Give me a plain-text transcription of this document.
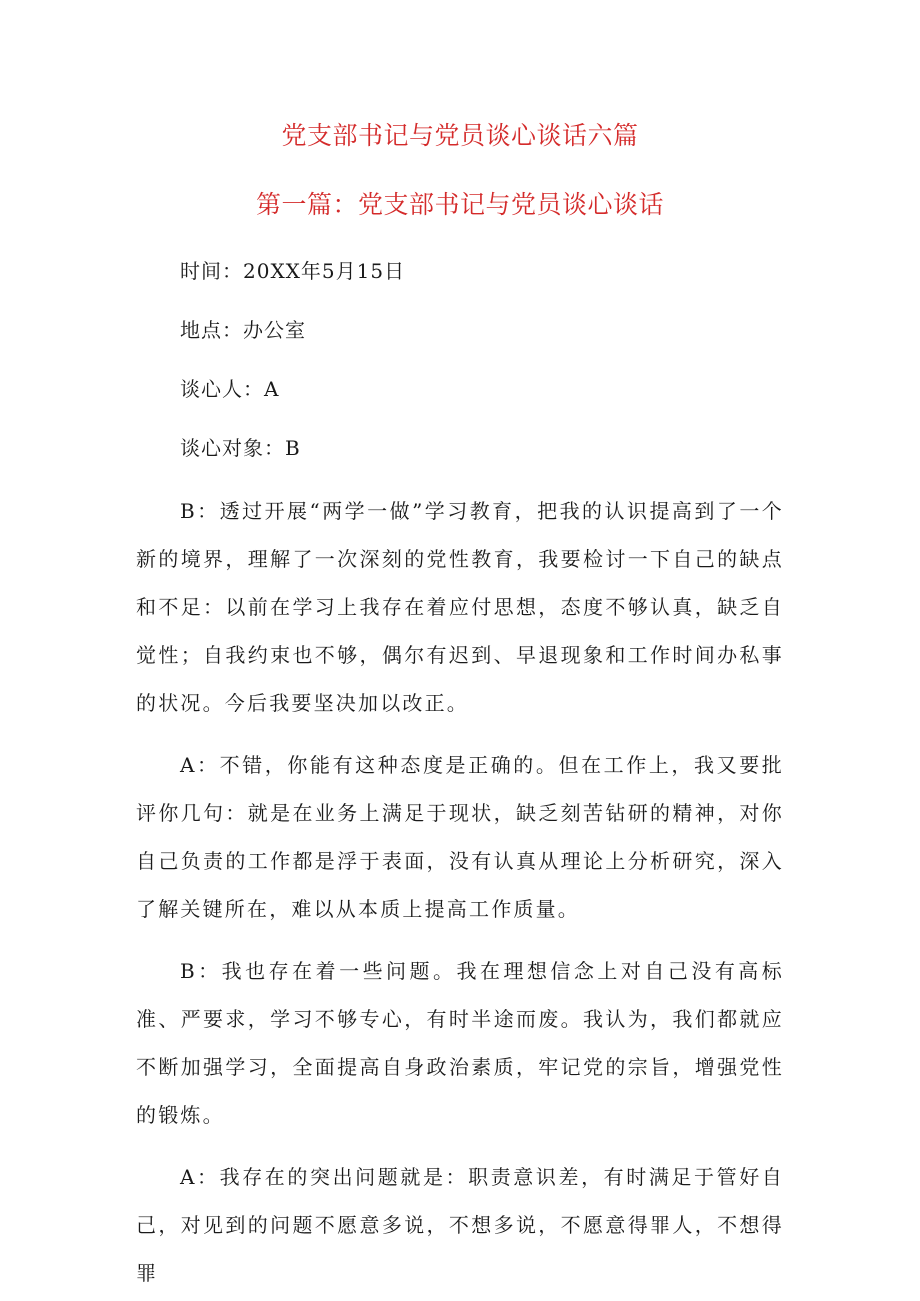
党支部书记与党员谈心谈话六篇
第一篇：党支部书记与党员谈心谈话

时间：20XX年5月15日

地点：办公室

谈心人：A

谈心对象：B

B：透过开展“两学一做”学习教育，把我的认识提高到了一个新的境界，理解了一次深刻的党性教育，我要检讨一下自己的缺点和不足：以前在学习上我存在着应付思想，态度不够认真，缺乏自觉性；自我约束也不够，偶尔有迟到、早退现象和工作时间办私事的状况。今后我要坚决加以改正。

A：不错，你能有这种态度是正确的。但在工作上，我又要批评你几句：就是在业务上满足于现状，缺乏刻苦钻研的精神，对你自己负责的工作都是浮于表面，没有认真从理论上分析研究，深入了解关键所在，难以从本质上提高工作质量。

B：我也存在着一些问题。我在理想信念上对自己没有高标准、严要求，学习不够专心，有时半途而废。我认为，我们都就应不断加强学习，全面提高自身政治素质，牢记党的宗旨，增强党性的锻炼。

A：我存在的突出问题就是：职责意识差，有时满足于管好自己，对见到的问题不愿意多说，不想多说，不愿意得罪人，不想得罪
